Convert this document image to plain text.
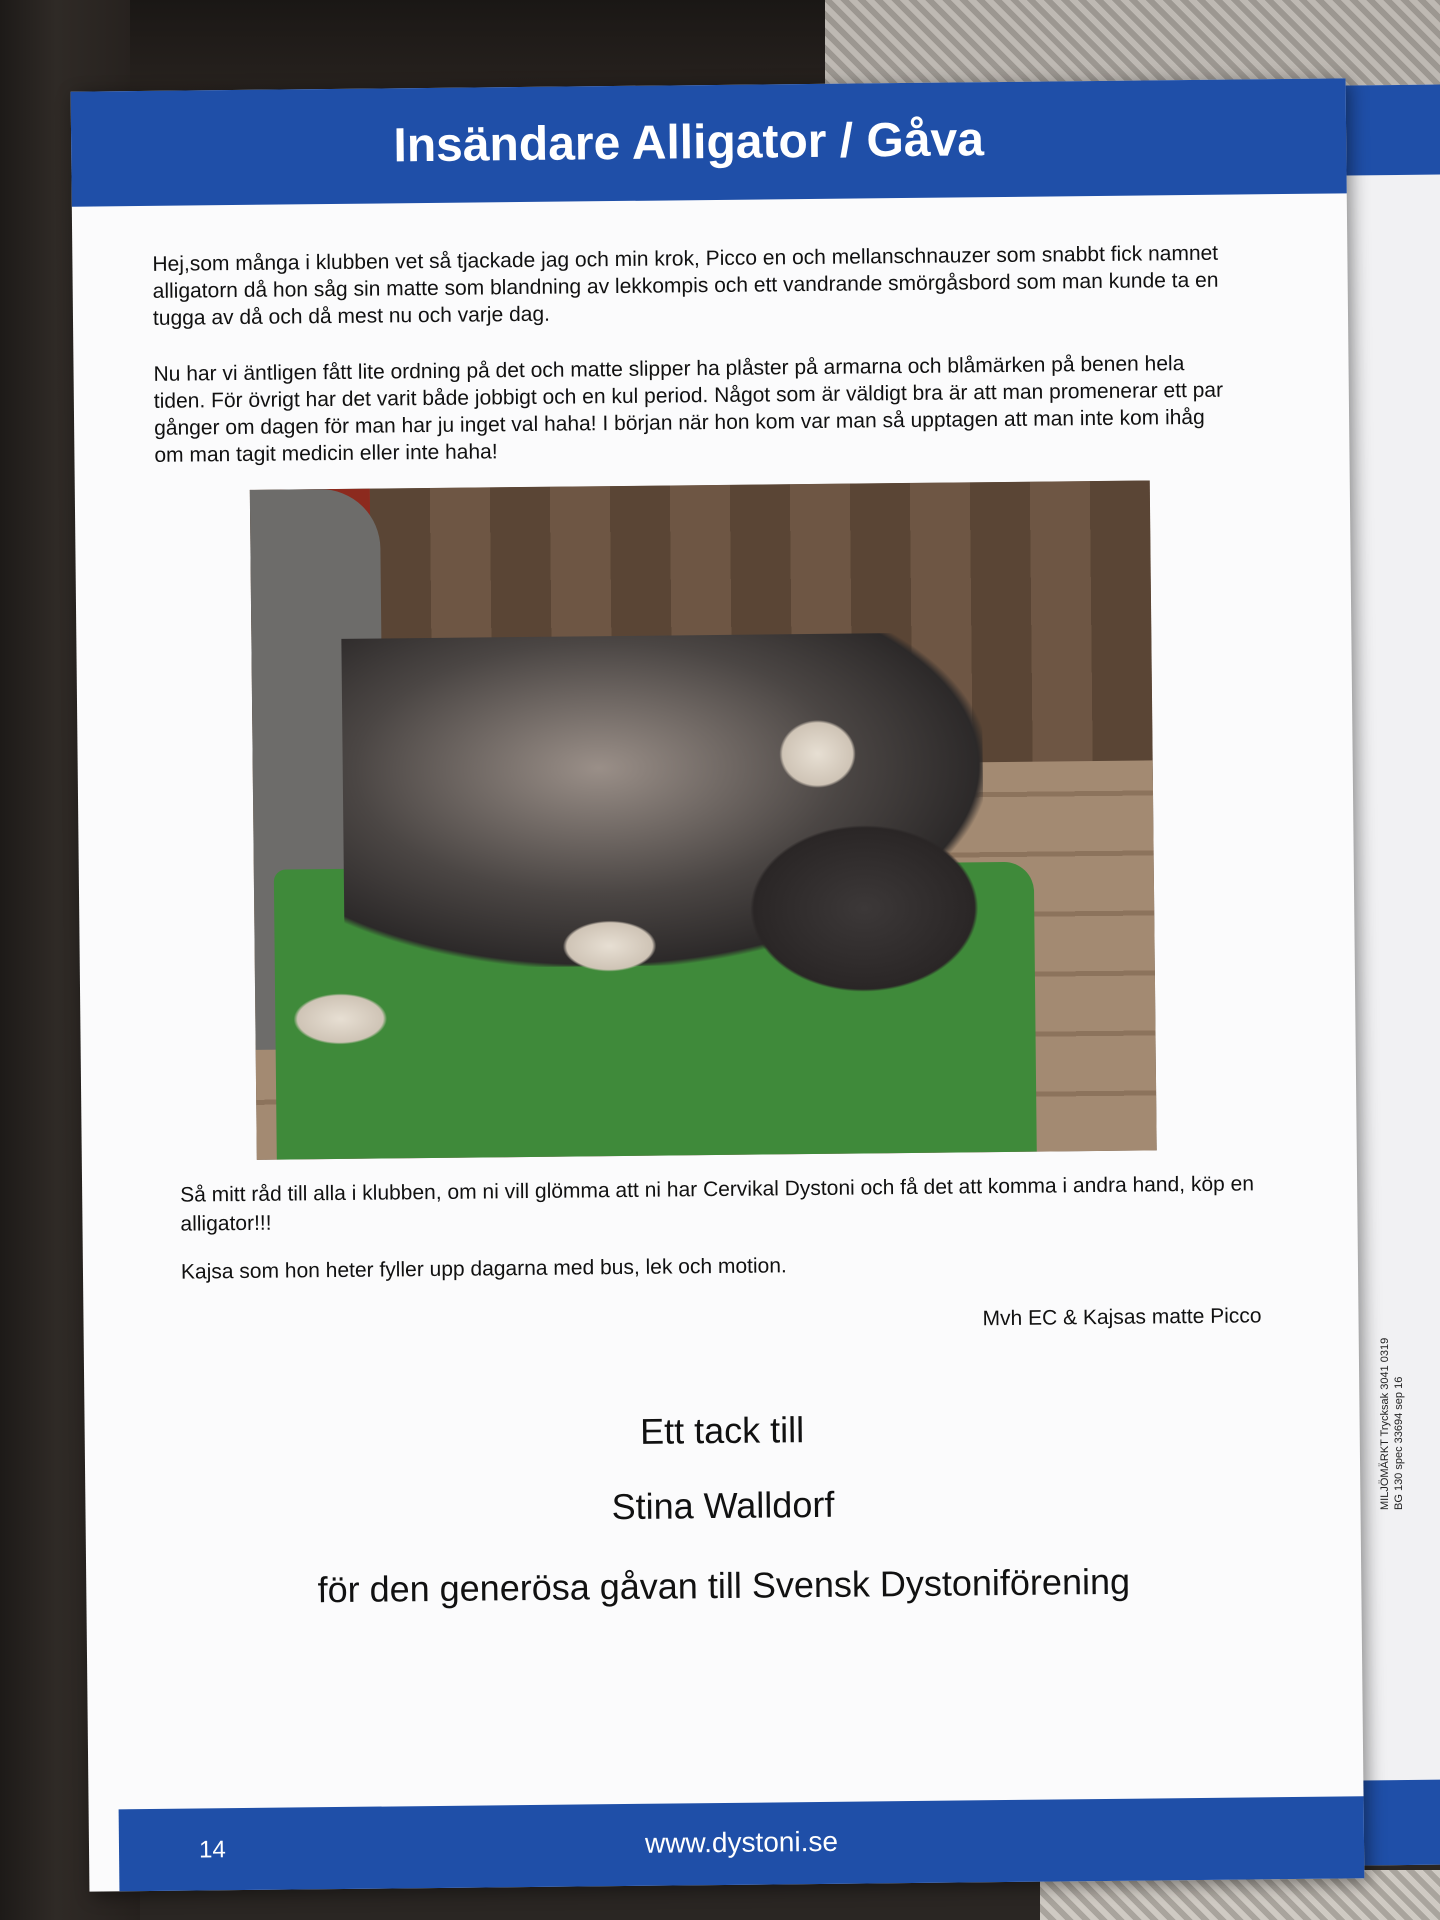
MILJÖMÄRKT Trycksak 3041 0319 BG 130 spec 33694 sep 16
Insändare Alligator / Gåva
Hej,som många i klubben vet så tjackade jag och min krok, Picco en och mellanschnauzer som snabbt fick namnet alligatorn då hon såg sin matte som blandning av lekkompis och ett vandrande smörgåsbord som man kunde ta en tugga av då och då mest nu och varje dag.
Nu har vi äntligen fått lite ordning på det och matte slipper ha plåster på armarna och blåmärken på benen hela tiden. För övrigt har det varit både jobbigt och en kul period. Något som är väldigt bra är att man promenerar ett par gånger om dagen för man har ju inget val haha! I början när hon kom var man så upptagen att man inte kom ihåg om man tagit medicin eller inte haha!
Så mitt råd till alla i klubben, om ni vill glömma att ni har Cervikal Dystoni och få det att komma i andra hand, köp en alligator!!!
Kajsa som hon heter fyller upp dagarna med bus, lek och motion.
Mvh EC & Kajsas matte Picco
Ett tack till
Stina Walldorf
för den generösa gåvan till Svensk Dystoniförening
14	www.dystoni.se
